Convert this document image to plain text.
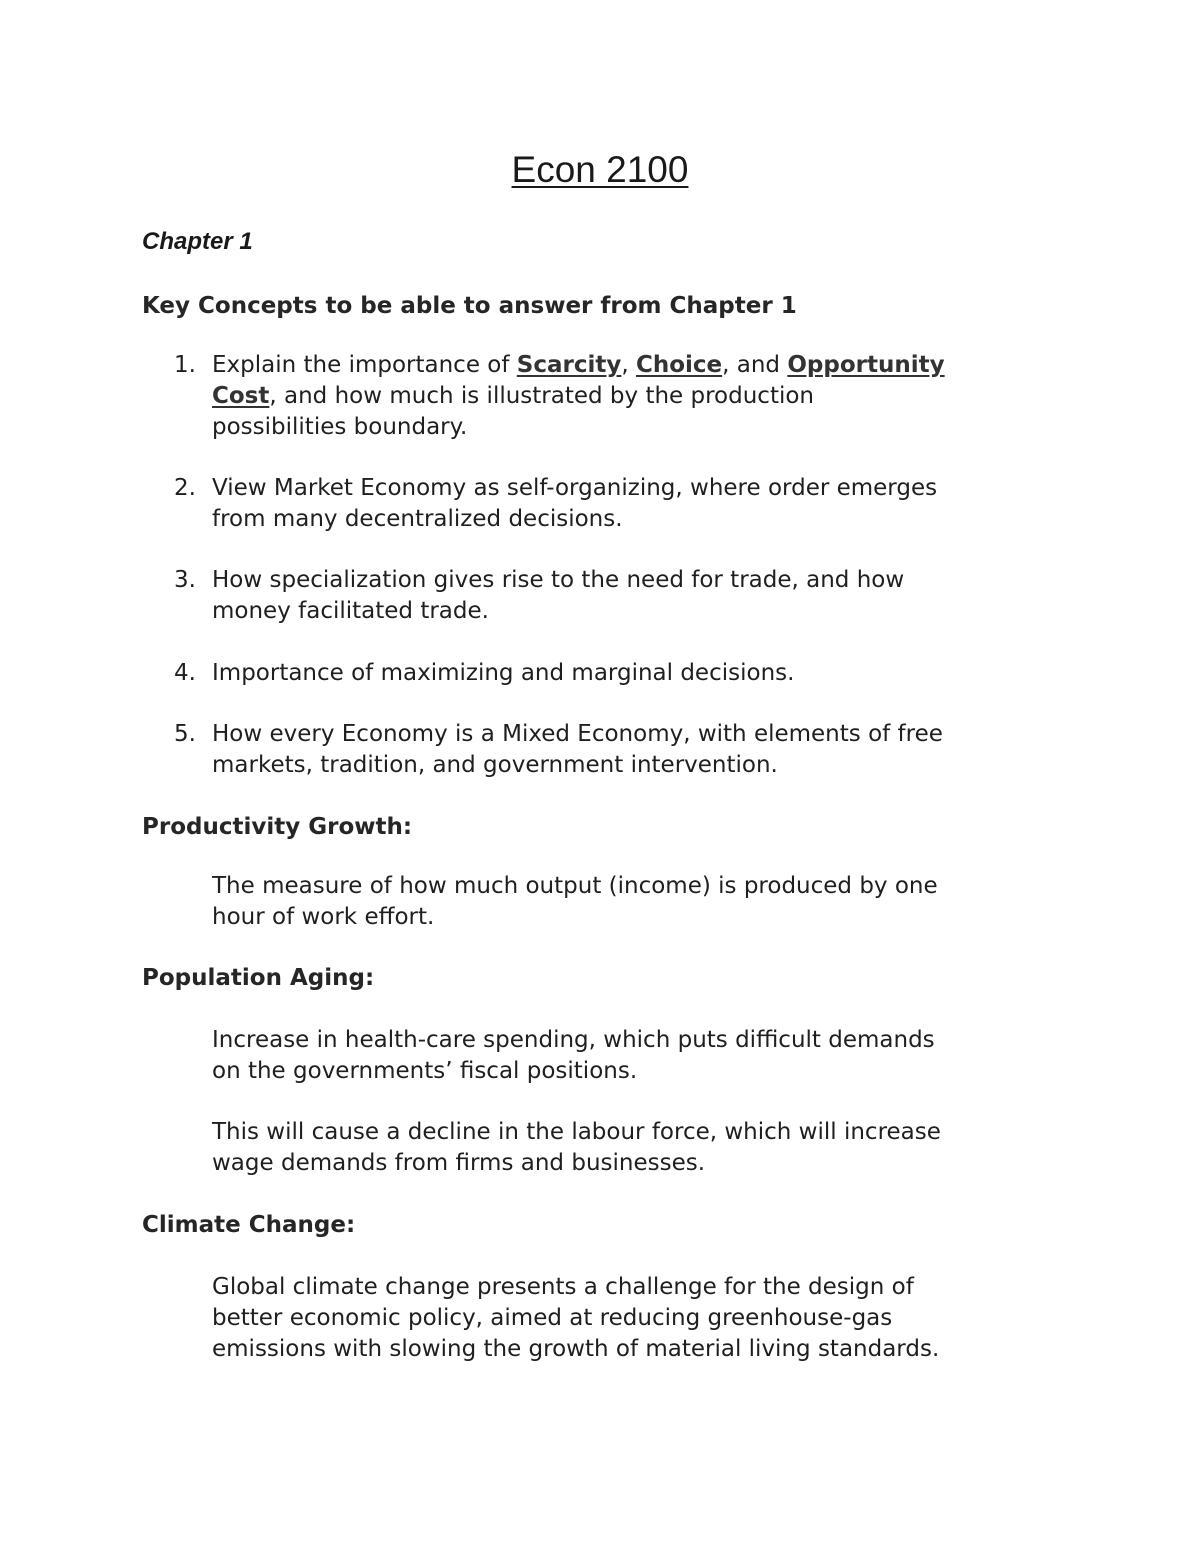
Econ 2100
Chapter 1
Key Concepts to be able to answer from Chapter 1
1. Explain the importance of Scarcity, Choice, and Opportunity
Cost, and how much is illustrated by the production
possibilities boundary.
2. View Market Economy as self-organizing, where order emerges
from many decentralized decisions.
3. How specialization gives rise to the need for trade, and how
money facilitated trade.
4. Importance of maximizing and marginal decisions.
5. How every Economy is a Mixed Economy, with elements of free
markets, tradition, and government intervention.
Productivity Growth:
The measure of how much output (income) is produced by one
hour of work effort.
Population Aging:
Increase in health-care spending, which puts difficult demands
on the governments’ fiscal positions.
This will cause a decline in the labour force, which will increase
wage demands from firms and businesses.
Climate Change:
Global climate change presents a challenge for the design of
better economic policy, aimed at reducing greenhouse-gas
emissions with slowing the growth of material living standards.
